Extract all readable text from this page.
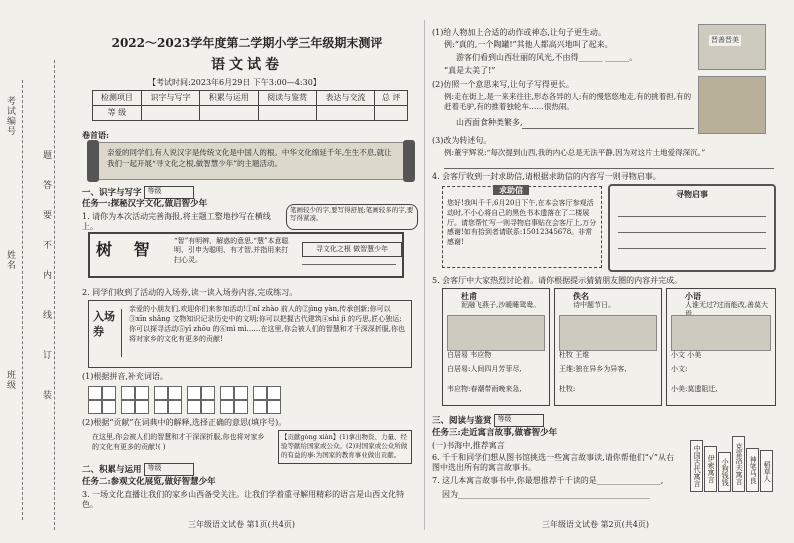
考试编号
姓名
班级
题
答
要
不
内
线
订
装
2022～2023学年度第二学期小学三年级期末测评
语文试卷
【考试时间:2023年6月29日 下午3:00—4:30】
检测项目	识字与写字	积累与运用	阅读与鉴赏	表达与交流	总 评
等 级					
卷首语:
亲爱的同学们,有人说汉字是传统文化是中国人的根。中华文化绵延千年,生生不息,就让我们一起开展“寻文化之根,做智慧少年”的主题活动。
一、识字与写字 等级
任务一:探秘汉字文化,做启智少年
1. 请你为本次活动完善海报,将主题工整地抄写在横线上。
笔画较少的字,要写得舒展;笔画较多的字,要写得紧凑。
树 智 “智”有明辨、解惑的意思,“慧”本意聪明、引申为聪明、有才智,并指用来打扫心灵。
寻文化之根 做智慧少年
2. 同学们收到了活动的入场券,读一读入场券内容,完成练习。
入场券
亲爱的小朋友们,欢迎你们来参加活动!①nǐ zhào 前人的②jìng yàn,传承创新;你可以③xīn shǎng 文物知识记录历史中的文明;你可以把握古代建筑④shì jì 的巧思,匠心独运;你可以探寻活动⑤yī zhōu 的⑥mì mì……在这里,你会被人们的智慧和才干深深折服,你也将对家乡的文化有更多的贡献!
(1)根据拼音,补充词语。
(2)根据“贡献”在词典中的解释,选择正确的意思(填序号)。
在这里,你会被人们的智慧和才干深深折服,你也将对家乡的文化有更多的贡献!( )
【贡献gòng xiàn】(1)拿出物资、力量、经验等献给国家或公众。(2)对国家或公众所做的有益的事:为国家的教育事业做出贡献。
二、积累与运用 等级
任务二:参观文化展览,做好智慧少年
3. 一场文化直播让我们的家乡山西备受关注。让我们学着重寻解用精彩的语言是山西文化特色。
三年级语文试卷 第1页(共4页)
(1)给人物加上合适的动作或神态,让句子更生动。
例:“真的,一个陶罐!”其他人都高兴地叫了起来。
游客们看到山西壮丽的风光,不由得______ ______。
“真是太美了!”
晋善晋美
(2)仿照一个意思来写,让句子写得更长。
例:走在街上,是一来来往往,形态各异的人:有的慢悠悠地走,有的挑着担,有的赶着毛驴,有的推着独轮车……很热闹。
山西面食种类繁多,
(3)改为转述句。
例:董宇辉说:“每次提到山西,我的内心总是无法平静,因为对这片土地爱得深沉。”
4. 会客厅收到一封求助信,请根据求助信的内容写一则寻物启事。
求助信
您好!我叫千千,6月20日下午,在本会客厅参观活动时,不小心将自己的黑色书本遗落在了二楼展厅。请您帮忙写一则寻物启事贴在会客厅上,万分感谢!如有拾到者请联系:15012345678。非常感谢!
寻物启事
5. 会客厅中大家热烈讨论着。请你根据提示猜猜朋友圈的内容并完成。
杜甫
泥融飞燕子,沙暖睡鸳鸯。
白居易 韦应物
白居易:人间四月芳菲尽,
韦应物:春潮带雨晚来急,
佚名
诗中题节日。
杜牧 王维
王维:独在异乡为异客,
杜牧:
小语
人谁无过?过而能改,善莫大
小文 小美
小文:
小美:莫遗阻迁,
三、阅读与鉴赏 等级
任务三:走近寓言故事,做睿智少年
(一)书海中,推荐寓言
6. 千千和同学们想从图书馆挑选一些寓言故事读,请你帮他们“√”从右图中选出所有的寓言故事书。
7. 这几本寓言故事书中,你最想推荐千千读的是________________,
因为________________________________________________
中国古代寓言 伊索寓言 小狗钱钱 克雷洛夫寓言 神笔马良 稻草人
三年级语文试卷 第2页(共4页)
